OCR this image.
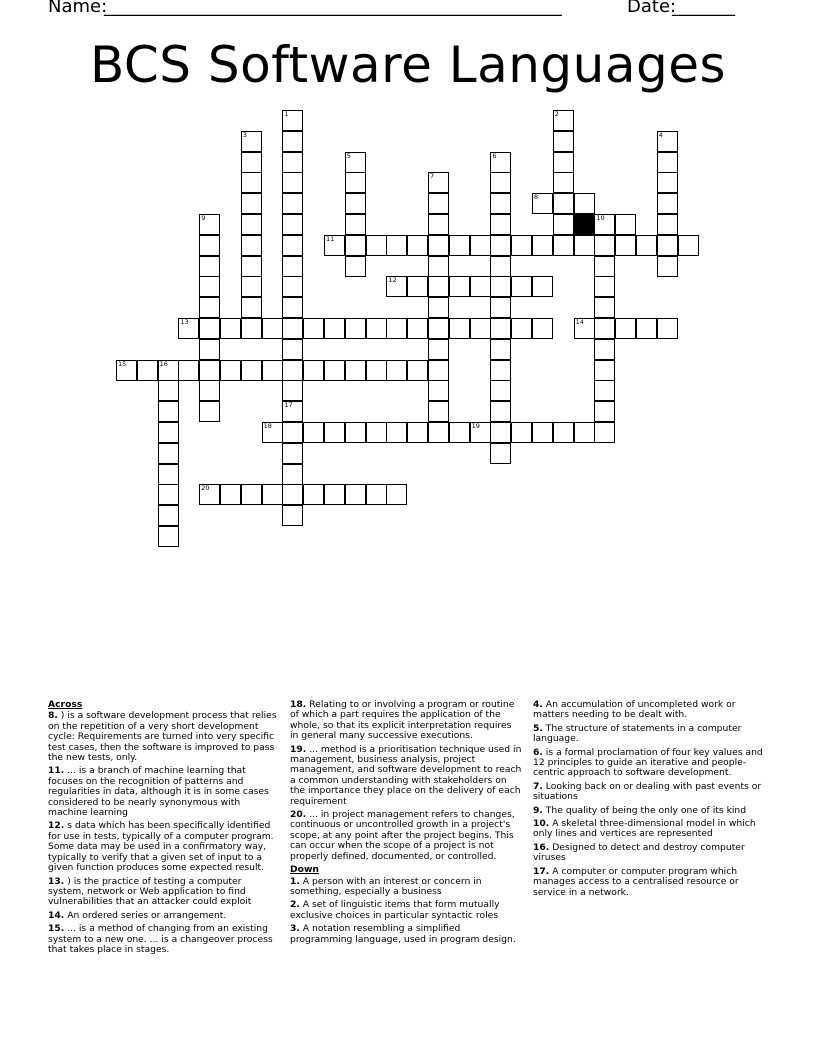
Name:
____________________________________________________	Date:
_______
BCS Software Languages
1	2
3	4
5	6
7
8
9	10
11
12
13	14
15	16
17
18	19
20
Across
8. ) is a software development process that relies on the repetition of a very short development cycle: Requirements are turned into very specific test cases, then the software is improved to pass the new tests, only.
11. ... is a branch of machine learning that focuses on the recognition of patterns and regularities in data, although it is in some cases considered to be nearly synonymous with machine learning
12. s data which has been specifically identified for use in tests, typically of a computer program. Some data may be used in a confirmatory way, typically to verify that a given set of input to a given function produces some expected result.
13. ) is the practice of testing a computer system, network or Web application to find vulnerabilities that an attacker could exploit
14. An ordered series or arrangement.
15. ... is a method of changing from an existing system to a new one. ... is a changeover process that takes place in stages.
18. Relating to or involving a program or routine of which a part requires the application of the whole, so that its explicit interpretation requires in general many successive executions.
19. ... method is a prioritisation technique used in management, business analysis, project management, and software development to reach a common understanding with stakeholders on the importance they place on the delivery of each requirement
20. ... in project management refers to changes, continuous or uncontrolled growth in a project's scope, at any point after the project begins. This can occur when the scope of a project is not properly defined, documented, or controlled.
Down
1. A person with an interest or concern in something, especially a business
2. A set of linguistic items that form mutually exclusive choices in particular syntactic roles
3. A notation resembling a simplified programming language, used in program design.
4. An accumulation of uncompleted work or matters needing to be dealt with.
5. The structure of statements in a computer language.
6. is a formal proclamation of four key values and 12 principles to guide an iterative and people-centric approach to software development.
7. Looking back on or dealing with past events or situations
9. The quality of being the only one of its kind
10. A skeletal three-dimensional model in which only lines and vertices are represented
16. Designed to detect and destroy computer viruses
17. A computer or computer program which manages access to a centralised resource or service in a network.
